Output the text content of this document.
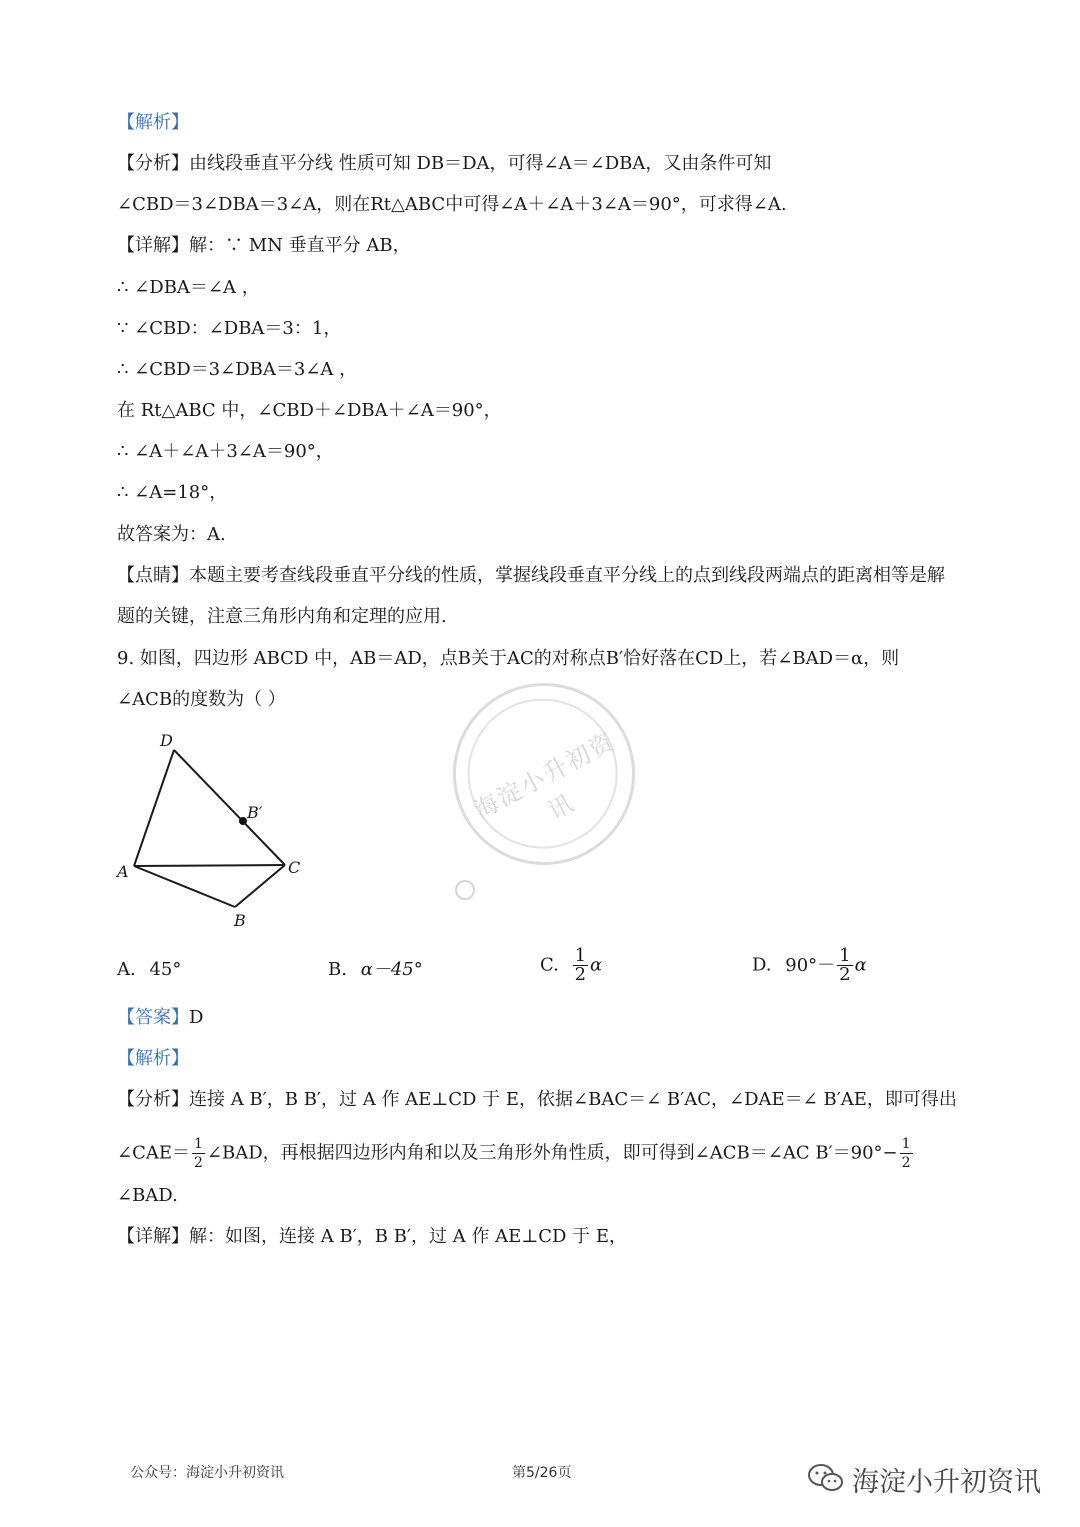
【解析】
【分析】由线段垂直平分线 性质可知 DB＝DA，可得∠A＝∠DBA，又由条件可知
∠CBD＝3∠DBA＝3∠A，则在Rt△ABC中可得∠A＋∠A＋3∠A＝90°，可求得∠A.
【详解】解：∵ MN 垂直平分 AB，
∴ ∠DBA＝∠A ，
∵ ∠CBD：∠DBA＝3：1，
∴ ∠CBD＝3∠DBA＝3∠A ，
在 Rt△ABC 中，∠CBD＋∠DBA＋∠A＝90°，
∴ ∠A＋∠A＋3∠A＝90°，
∴ ∠A=18°，
故答案为：A.
【点睛】本题主要考查线段垂直平分线的性质，掌握线段垂直平分线上的点到线段两端点的距离相等是解
题的关键，注意三角形内角和定理的应用.
9. 如图，四边形 ABCD 中，AB＝AD，点B关于AC的对称点B′恰好落在CD上，若∠BAD＝α，则
∠ACB的度数为（ ）
海淀小升初资讯
D
B′
A	C
B
A. 45°	B. α－45°	C. $\frac{1}{2}$ α	D. $90^\circ- \frac{1}{2}$ α
【答案】D
【解析】
【分析】连接 A B′，B B′，过 A 作 AE⊥CD 于 E，依据∠BAC＝∠ B′AC，∠DAE＝∠ B′AE，即可得出
∠CAE＝ $\frac{1}{2}$ ∠BAD，再根据四边形内角和以及三角形外角性质，即可得到∠ACB＝∠AC $B'=90^\circ- \frac{1}{2}$
∠BAD.
【详解】解：如图，连接 A B′，B B′，过 A 作 AE⊥CD 于 E，
公众号：海淀小升初资讯	第5/26页	海淀小升初资讯
